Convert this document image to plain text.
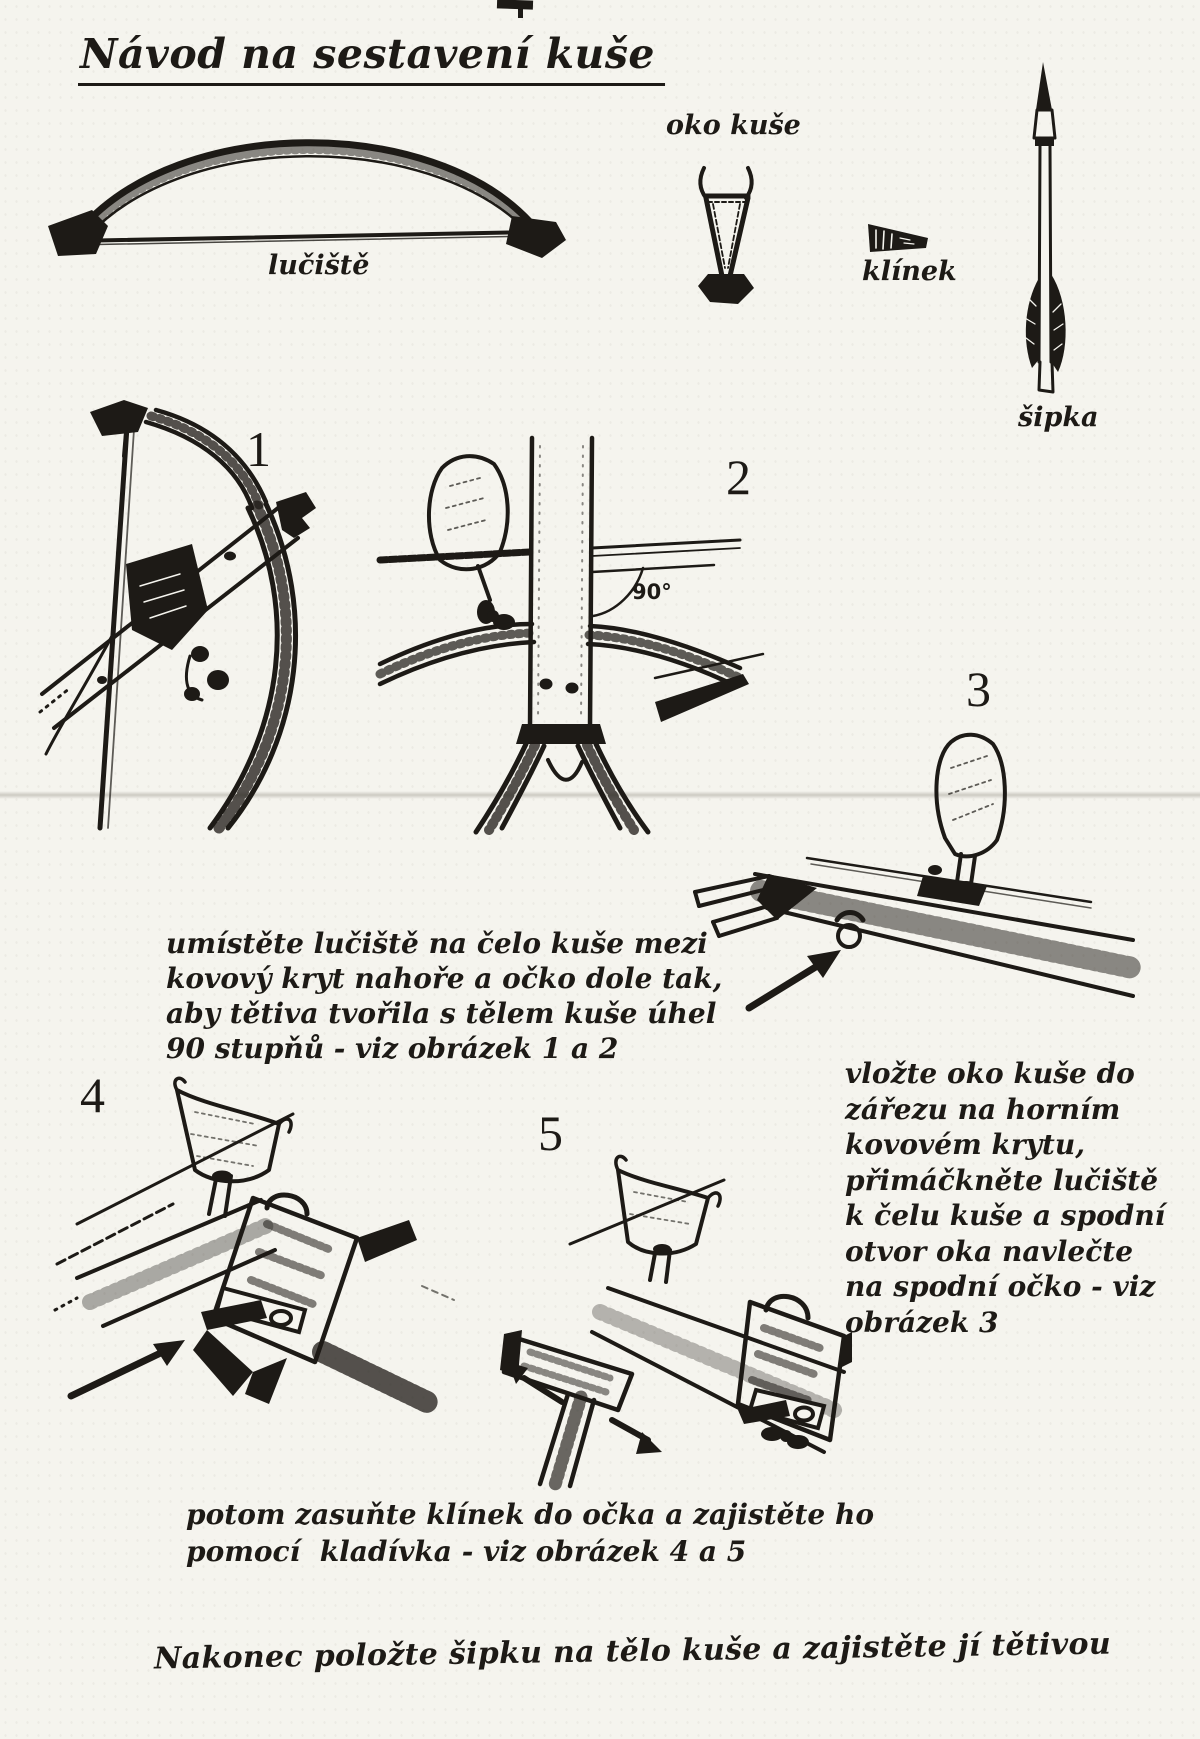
Návod na sestavení kuše
lučiště
oko kuše
klínek
šipka
1	2
90°
3
4
5
umístěte lučiště na čelo kuše mezi
kovový kryt nahoře a očko dole tak,
aby tětiva tvořila s tělem kuše úhel
90 stupňů - viz obrázek 1 a 2
vložte oko kuše do
zářezu na horním
kovovém krytu,
přimáčkněte lučiště
k čelu kuše a spodní
otvor oka navlečte
na spodní očko - viz
obrázek 3
potom zasuňte klínek do očka a zajistěte ho
pomocí  kladívka - viz obrázek 4 a 5
Nakonec položte šipku na tělo kuše a zajistěte jí tětivou
